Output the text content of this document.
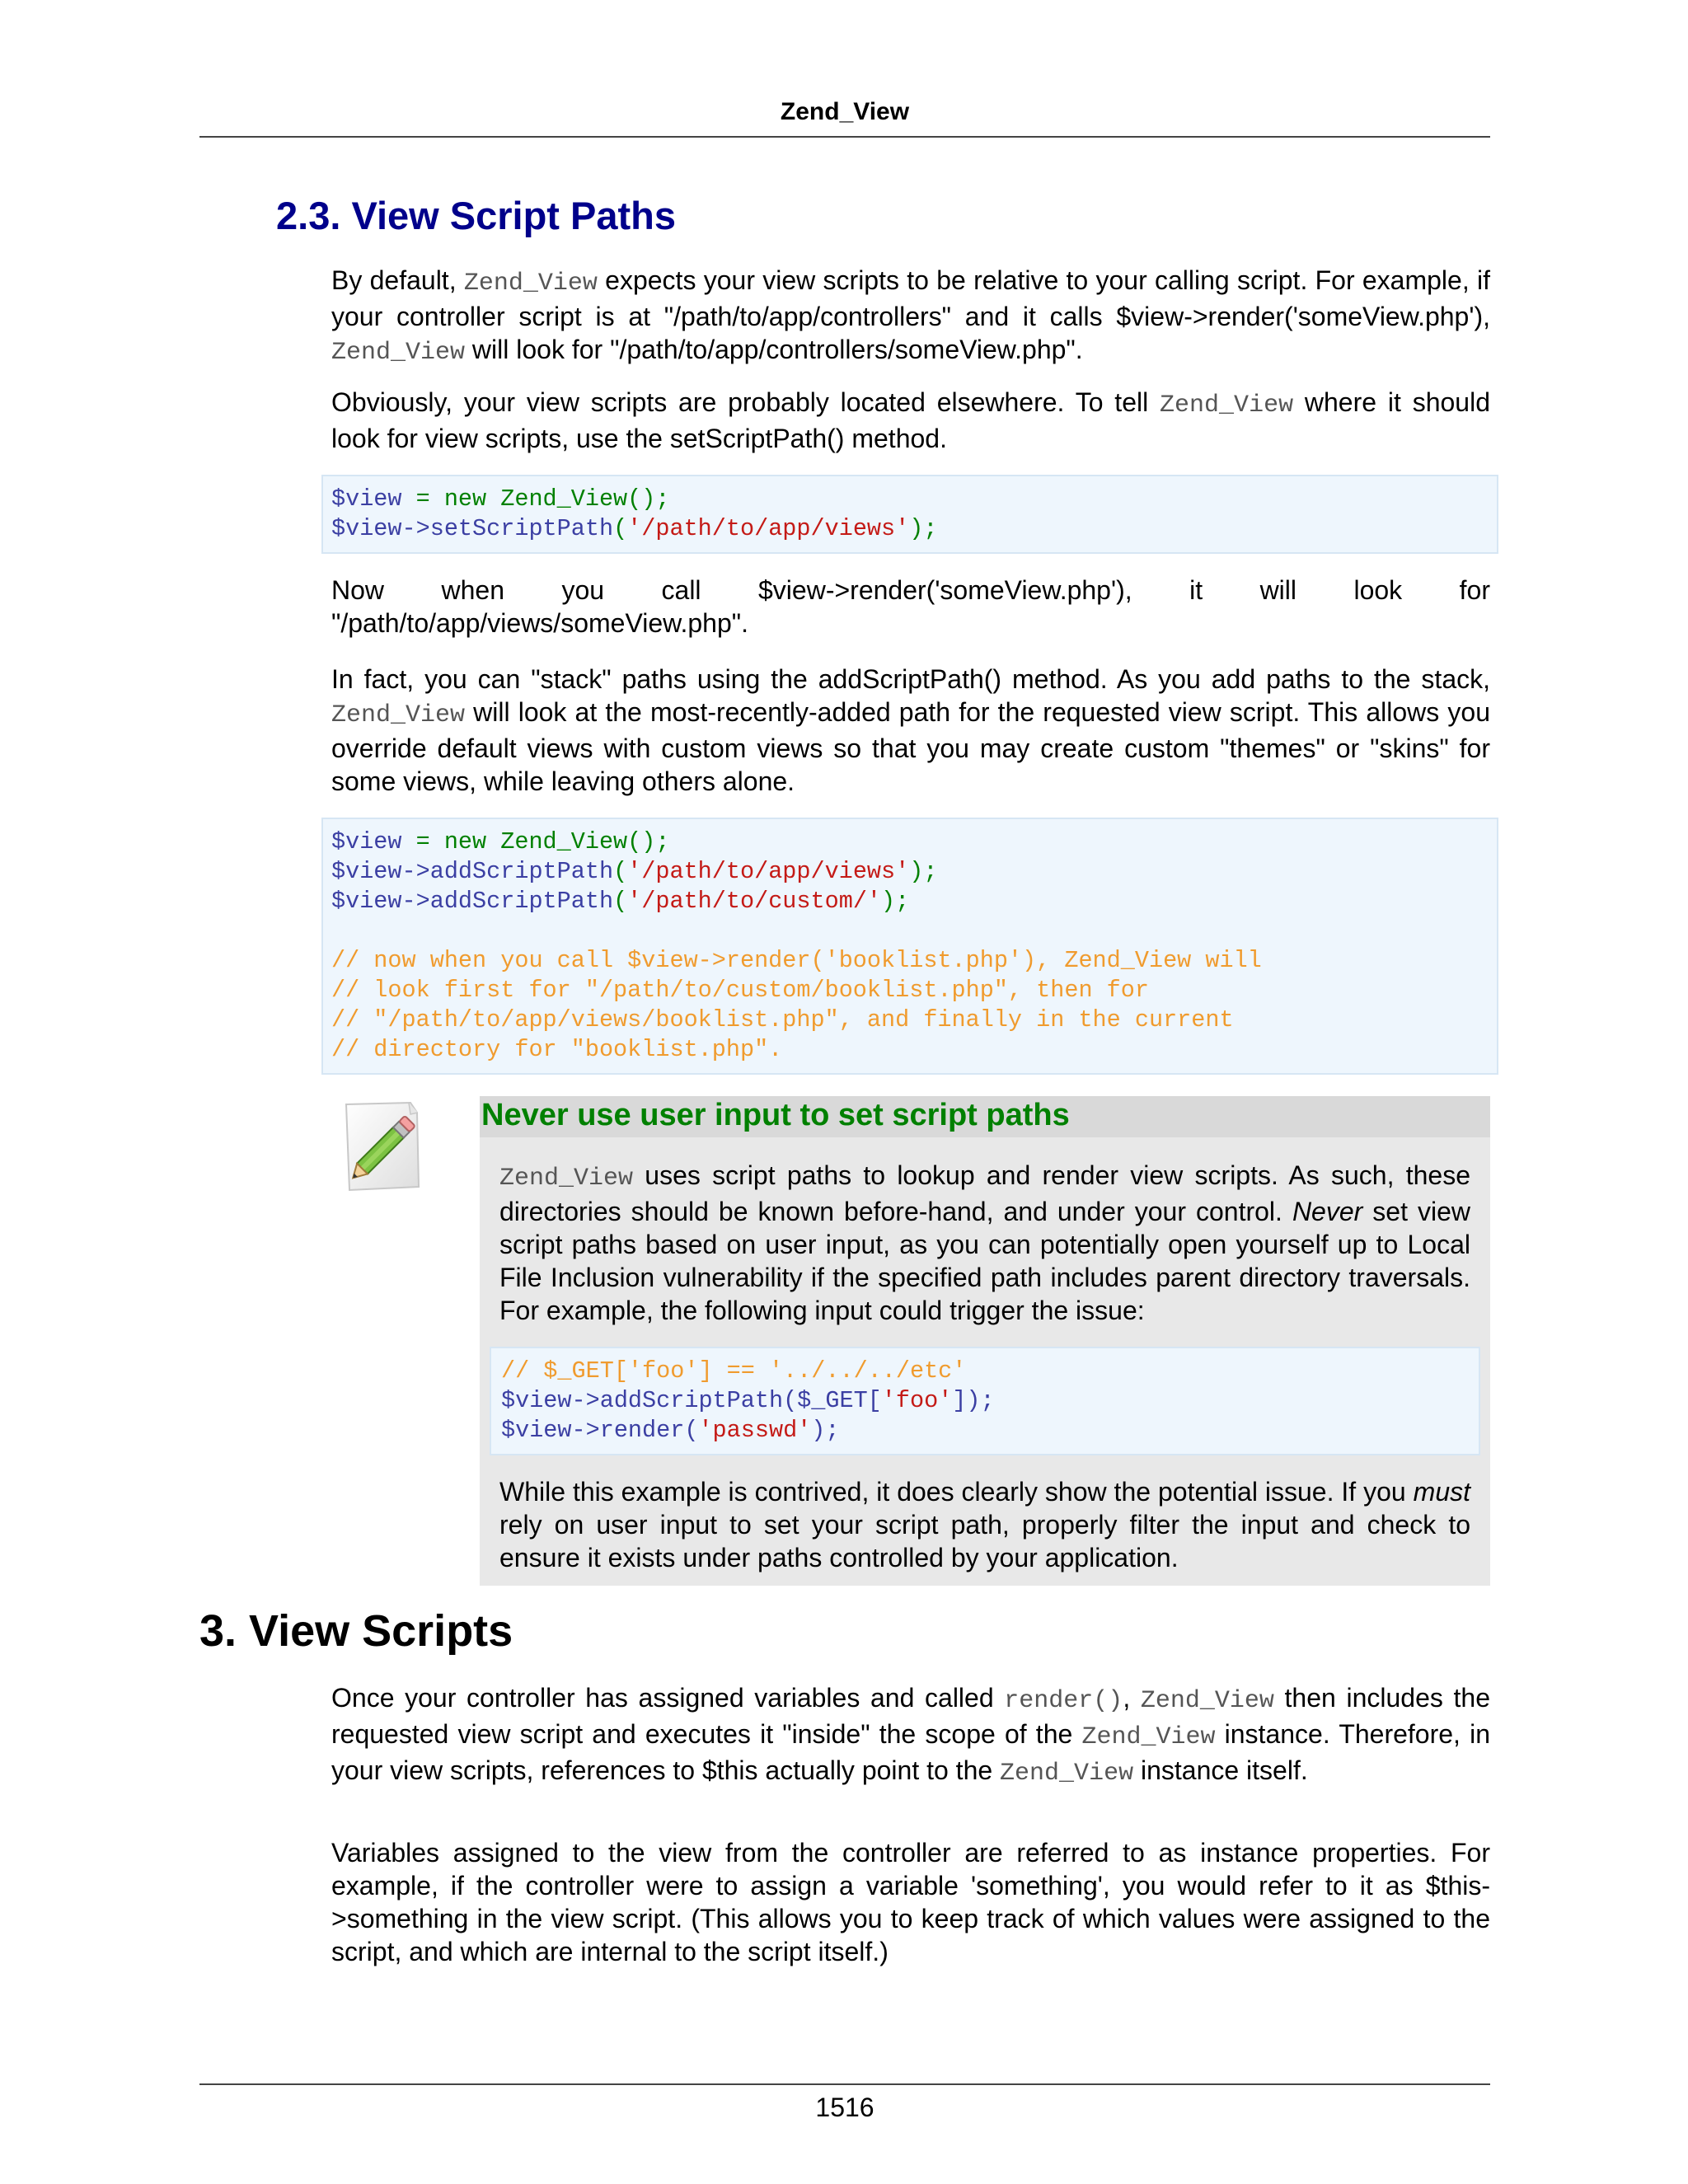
Zend_View
2.3. View Script Paths

By default, Zend_View expects your view scripts to be relative to your calling script. For example, if your controller script is at "/path/to/app/controllers" and it calls $view->render('someView.php'), Zend_View will look for "/path/to/app/controllers/someView.php".

Obviously, your view scripts are probably located elsewhere. To tell Zend_View where it should look for view scripts, use the setScriptPath() method.

$view = new Zend_View();
$view->setScriptPath('/path/to/app/views');

Now when you call $view->render('someView.php'), it will look for "/path/to/app/views/someView.php".

In fact, you can "stack" paths using the addScriptPath() method. As you add paths to the stack, Zend_View will look at the most-recently-added path for the requested view script. This allows you override default views with custom views so that you may create custom "themes" or "skins" for some views, while leaving others alone.

$view = new Zend_View();
$view->addScriptPath('/path/to/app/views');
$view->addScriptPath('/path/to/custom/');

// now when you call $view->render('booklist.php'), Zend_View will
// look first for "/path/to/custom/booklist.php", then for
// "/path/to/app/views/booklist.php", and finally in the current
// directory for "booklist.php".
Never use user input to set script paths

Zend_View uses script paths to lookup and render view scripts. As such, these directories should be known before-hand, and under your control. Never set view script paths based on user input, as you can potentially open yourself up to Local File Inclusion vulnerability if the specified path includes parent directory traversals. For example, the following input could trigger the issue:

// $_GET['foo'] == '../../../etc'
$view->addScriptPath($_GET['foo']);
$view->render('passwd');

While this example is contrived, it does clearly show the potential issue. If you must rely on user input to set your script path, properly filter the input and check to ensure it exists under paths controlled by your application.

3. View Scripts

Once your controller has assigned variables and called render(), Zend_View then includes the requested view script and executes it "inside" the scope of the Zend_View instance. Therefore, in your view scripts, references to $this actually point to the Zend_View instance itself.

Variables assigned to the view from the controller are referred to as instance properties. For example, if the controller were to assign a variable 'something', you would refer to it as $this->something in the view script. (This allows you to keep track of which values were assigned to the script, and which are internal to the script itself.)

1516
